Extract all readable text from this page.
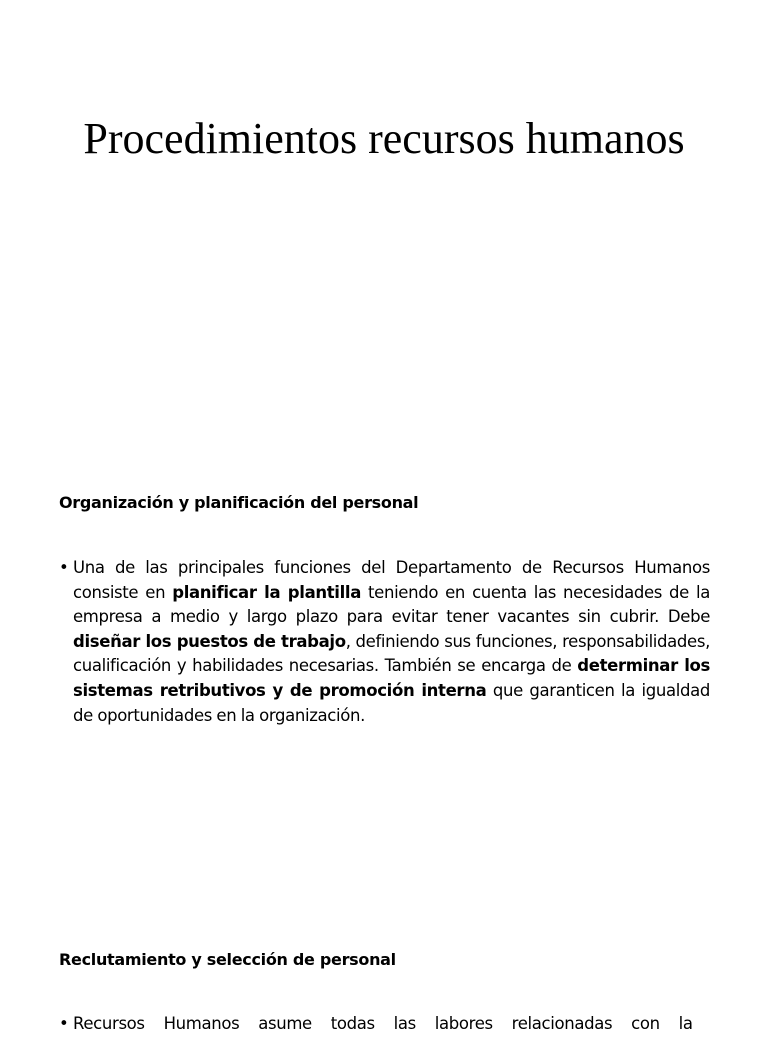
Procedimientos recursos humanos
Organización y planificación del personal
• Una de las principales funciones del Departamento de Recursos Humanos consiste en planificar la plantilla teniendo en cuenta las necesidades de la empresa a medio y largo plazo para evitar tener vacantes sin cubrir. Debe diseñar los puestos de trabajo, definiendo sus funciones, responsabilidades, cualificación y habilidades necesarias. También se encarga de determinar los sistemas retributivos y de promoción interna que garanticen la igualdad de oportunidades en la organización.
Reclutamiento y selección de personal
• Recursos Humanos asume todas las labores relacionadas con la
